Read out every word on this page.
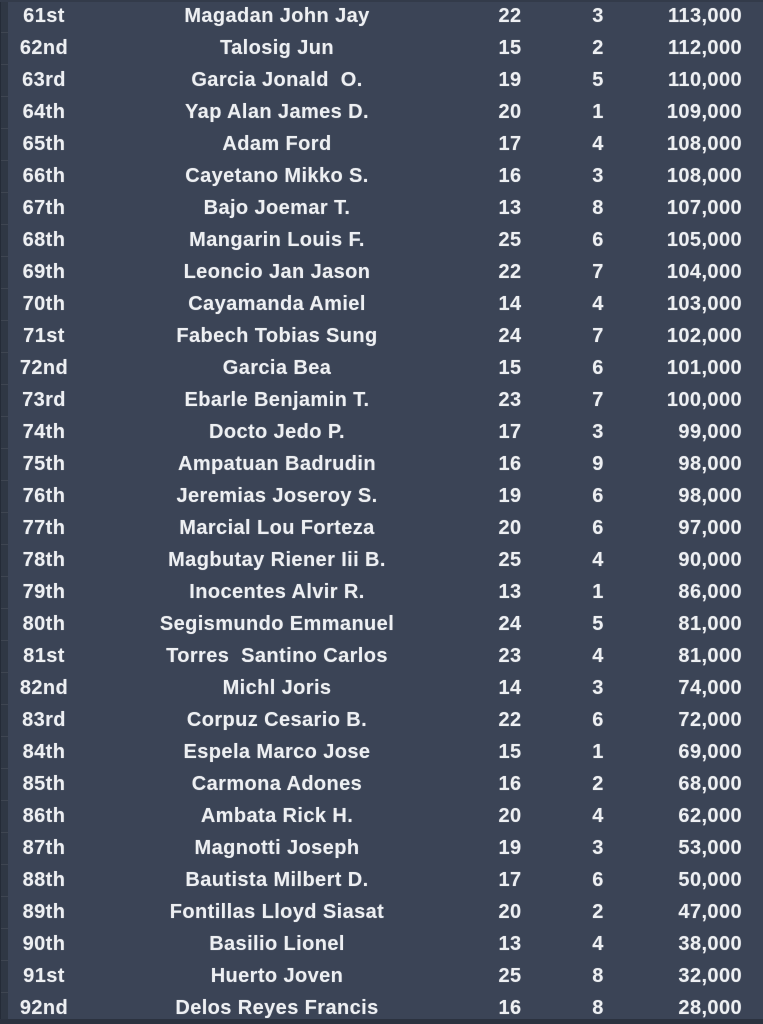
61st	Magadan John Jay	22	3	113,000
62nd	Talosig Jun	15	2	112,000
63rd	Garcia Jonald  O.	19	5	110,000
64th	Yap Alan James D.	20	1	109,000
65th	Adam Ford	17	4	108,000
66th	Cayetano Mikko S.	16	3	108,000
67th	Bajo Joemar T.	13	8	107,000
68th	Mangarin Louis F.	25	6	105,000
69th	Leoncio Jan Jason	22	7	104,000
70th	Cayamanda Amiel	14	4	103,000
71st	Fabech Tobias Sung	24	7	102,000
72nd	Garcia Bea	15	6	101,000
73rd	Ebarle Benjamin T.	23	7	100,000
74th	Docto Jedo P.	17	3	99,000
75th	Ampatuan Badrudin	16	9	98,000
76th	Jeremias Joseroy S.	19	6	98,000
77th	Marcial Lou Forteza	20	6	97,000
78th	Magbutay Riener Iii B.	25	4	90,000
79th	Inocentes Alvir R.	13	1	86,000
80th	Segismundo Emmanuel	24	5	81,000
81st	Torres  Santino Carlos	23	4	81,000
82nd	Michl Joris	14	3	74,000
83rd	Corpuz Cesario B.	22	6	72,000
84th	Espela Marco Jose	15	1	69,000
85th	Carmona Adones	16	2	68,000
86th	Ambata Rick H.	20	4	62,000
87th	Magnotti Joseph	19	3	53,000
88th	Bautista Milbert D.	17	6	50,000
89th	Fontillas Lloyd Siasat	20	2	47,000
90th	Basilio Lionel	13	4	38,000
91st	Huerto Joven	25	8	32,000
92nd	Delos Reyes Francis	16	8	28,000
